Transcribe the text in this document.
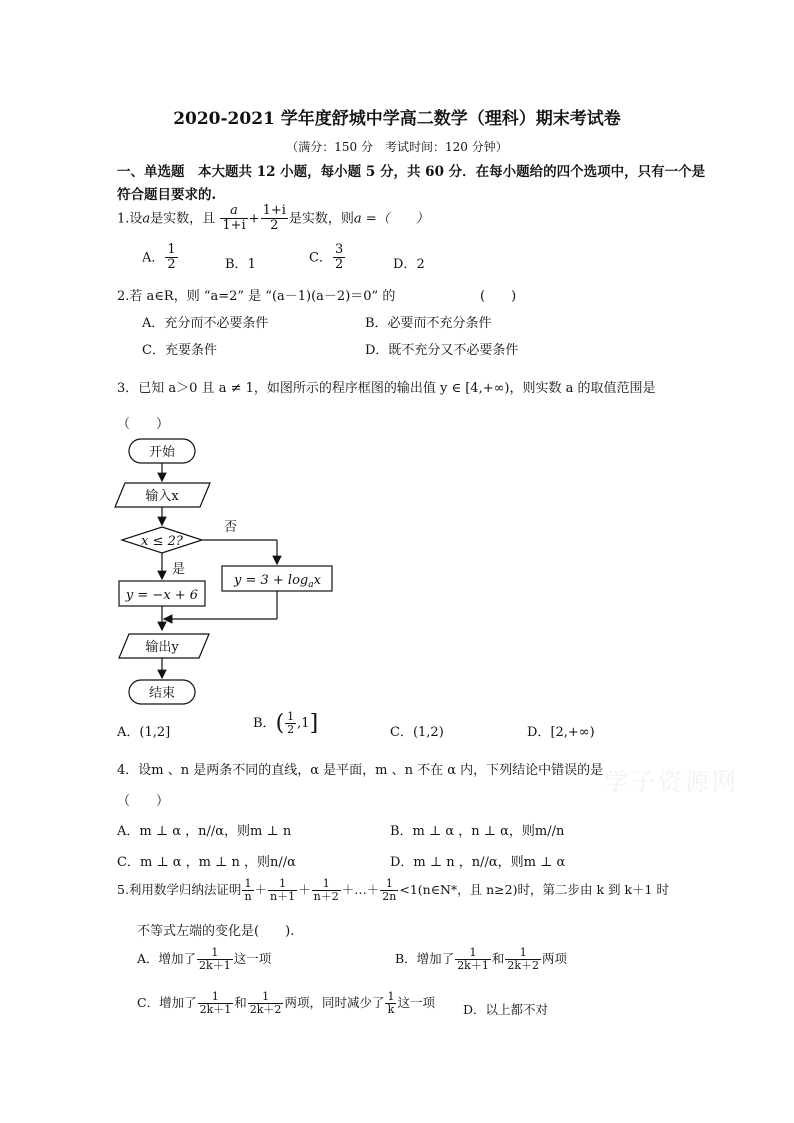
2020-2021 学年度舒城中学高二数学（理科）期末考试卷
（满分：150 分　考试时间：120 分钟）
一、单选题　本大题共 12 小题，每小题 5 分，共 60 分．在每小题给的四个选项中，只有一个是
符合题目要求的.
1.设a是实数，且 $\frac{a}{1+i} + \frac{1+i}{2}$ 是实数，则a =（　　）
A． $\frac{1}{2}$	B．1	C． $\frac{3}{2}$	D．2
2.若 a∈R，则 “a=2” 是 “(a－1)(a－2)＝0” 的	(　　)
A．充分而不必要条件	B．必要而不充分条件
C．充要条件	D．既不充分又不必要条件
3．已知 a＞0 且 a ≠ 1，如图所示的程序框图的输出值 y ∈ [4,+∞)，则实数 a 的取值范围是
（　　）
开始
输入x
x ≤ 2?
否
是
y = −x + 6
$y = 3 + \log_ax$
输出y
结束
A．(1,2]
B．( $\frac{1}{2} ,1$]	C．(1,2)	D．[2,+∞)
4．设m 、n 是两条不同的直线，α 是平面，m 、n 不在 α 内，下列结论中错误的是
（　　）
A．m ⊥ α ，n//α，则m ⊥ n	B．m ⊥ α ，n ⊥ α，则m//n
C．m ⊥ α ，m ⊥ n ，则n//α	D．m ⊥ n ，n//α，则m ⊥ α
5.利用数学归纳法证明 $\frac{1}{n} + \frac{1}{n+1} + \frac{1}{n+2}$ ＋…＋ $\frac{1}{2n}$ <1(n∈N*，且 n≥2)时，第二步由 k 到 k＋1 时
不等式左端的变化是(　　).
A．增加了 $\frac{1}{2k+1}$ 这一项	B．增加了 $\frac{1}{2k+1}$ 和 $\frac{1}{2k+2}$ 两项
C．增加了 $\frac{1}{2k+1}$ 和 $\frac{1}{2k+2}$ 两项，同时减少了 $\frac{1}{k}$ 这一项 D．以上都不对
学子资源网
